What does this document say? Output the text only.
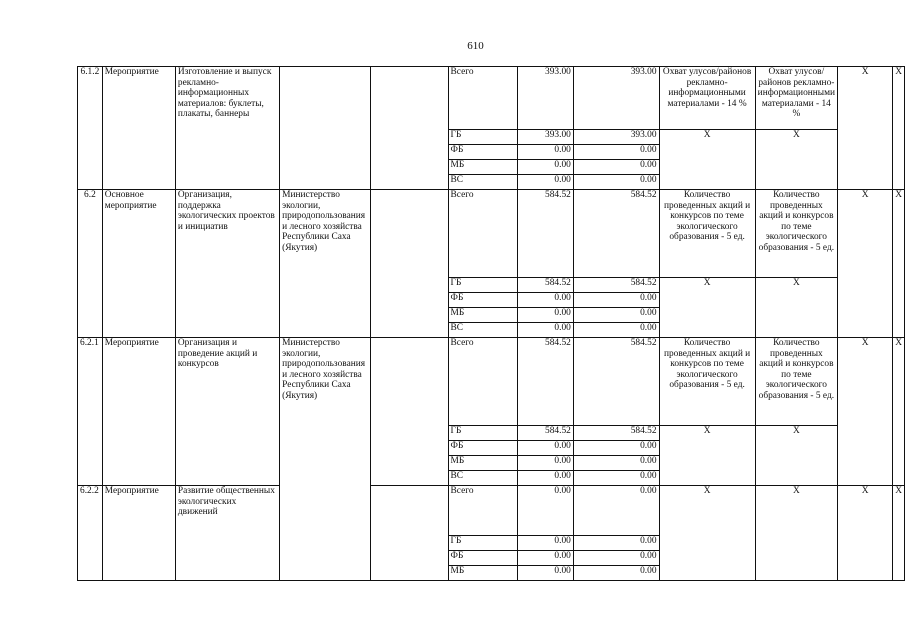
610
6.1.2	Мероприятие	Изготовление и выпуск рекламно-информационных материалов: буклеты, плакаты, баннеры			Всего	393.00	393.00	Охват улусов/районов рекламно-информационными материалами - 14 %	Охват улусов/районов рекламно-информационными материалами - 14 %	X	X
					ГБ	393.00	393.00	X	X		
					ФБ	0.00	0.00				
					МБ	0.00	0.00				
					ВС	0.00	0.00				
6.2	Основное мероприятие	Организация, поддержка экологических проектов и инициатив	Министерство экологии, природопользования и лесного хозяйства Республики Саха (Якутия)		Всего	584.52	584.52	Количество проведенных акций и конкурсов по теме экологического образования - 5 ед.	Количество проведенных акций и конкурсов по теме экологического образования - 5 ед.	X	X
					ГБ	584.52	584.52	X	X		
					ФБ	0.00	0.00				
					МБ	0.00	0.00				
					ВС	0.00	0.00				
6.2.1	Мероприятие	Организация и проведение акций и конкурсов	Министерство экологии, природопользования и лесного хозяйства Республики Саха (Якутия)		Всего	584.52	584.52	Количество проведенных акций и конкурсов по теме экологического образования - 5 ед.	Количество проведенных акций и конкурсов по теме экологического образования - 5 ед.	X	X
					ГБ	584.52	584.52	X	X		
					ФБ	0.00	0.00				
					МБ	0.00	0.00				
					ВС	0.00	0.00				
6.2.2	Мероприятие	Развитие общественных экологических движений			Всего	0.00	0.00	X	X	X	X
					ГБ	0.00	0.00				
					ФБ	0.00	0.00				
					МБ	0.00	0.00				
